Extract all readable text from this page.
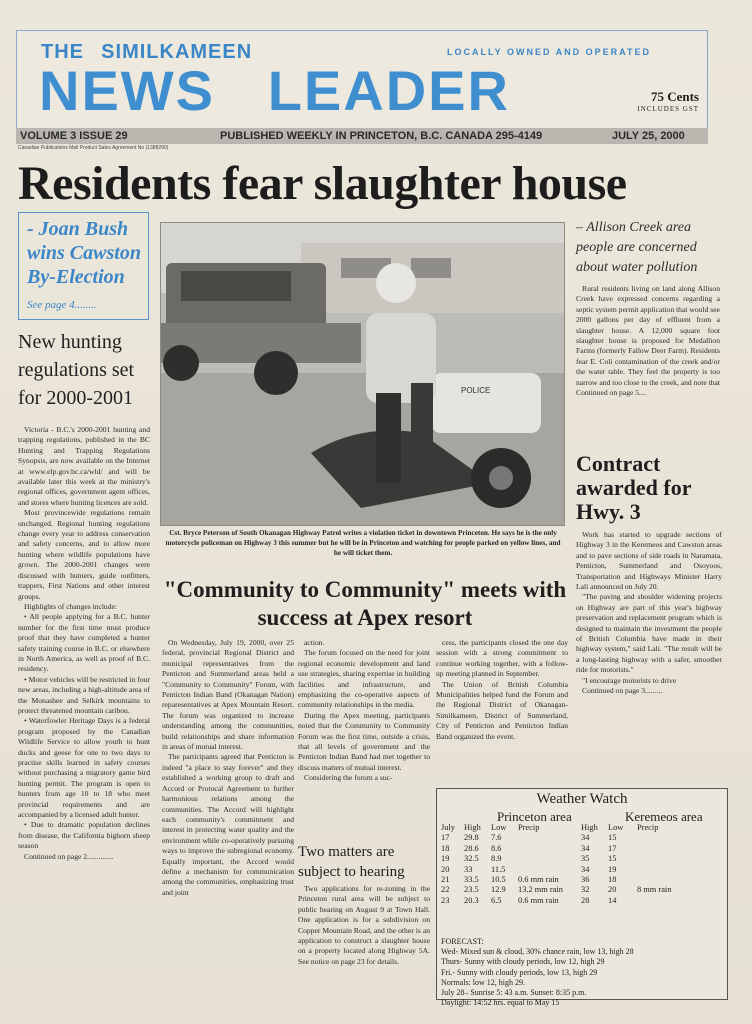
THE SIMILKAMEEN	LOCALLY OWNED AND OPERATED
NEWS LEADER	75 Cents
INCLUDES GST
VOLUME 3 ISSUE 29	PUBLISHED WEEKLY IN PRINCETON, B.C. CANADA 295-4149	JULY 25, 2000
Canadian Publications Mail Product Sales Agreement No (1388290)
Residents fear slaughter house
- Joan Bush wins Cawston By-Election
See page 4........
New hunting regulations set for 2000-2001

Victoria - B.C.'s 2000-2001 hunting and trapping regulations, published in the BC Hunting and Trapping Regulations Synopsis, are now available on the Internet at www.elp.gov.bc.ca/wld/ and will be available later this week at the ministry's regional offices, government agent offices, and stores where hunting licences are sold.

Most provincewide regulations remain unchanged. Regional hunting regulations change every year to address conservation and safety concerns, and to allow more hunting where wildlife populations have grown. The 2000-2001 changes were discussed with hunters, guide outfitters, trappers, First Nations and other interest groups.

Highlights of changes include:

• All people applying for a B.C. hunter number for the first time must produce proof that they have completed a hunter safety training course in B.C. or elsewhere in North America, as well as proof of B.C. residency.

• Motor vehicles will be restricted in four new areas, including a high-altitude area of the Monashee and Selkirk mountains to protect threatened mountain caribou.

• Waterfowler Heritage Days is a federal program proposed by the Canadian Wildlife Service to allow youth to hunt ducks and geese for one to two days to practise skills learned in safety courses without purchasing a migratory game bird hunting permit. The program is open to hunters from age 10 to 18 who meet provincial requirements and are accompanied by a licensed adult hunter.

• Due to dramatic population declines from disease, the California bighorn sheep season

Continued on page 2..............

POLICE
Cst. Bryce Peterson of South Okanagan Highway Patrol writes a violation ticket in downtown Princeton. He says he is the only motorcycle policeman on Highway 3 this summer but he will be in Princeton and watching for people parked on yellow lines, and he will ticket them.
– Allison Creek area people are concerned about water pollution

Rural residents living on land along Allison Creek have expressed concerns regarding a septic system permit application that would see 2000 gallons per day of effluent from a slaughter house. A 12,000 square foot slaughter house is proposed for Medallion Farms (formerly Fallow Deer Farm). Residents fear E. Coli contamination of the creek and/or the water table. They feel the property is too narrow and too close to the creek, and note that Continued on page 5....

Contract awarded for Hwy. 3

Work has started to upgrade sections of Highway 3 in the Keremeos and Cawston areas and to pave sections of side roads in Naramata, Penticton, Summerland and Osoyoos, Transportation and Highways Minister Harry Lali announced on July 20.

"The paving and shoulder widening projects on Highway are part of this year's highway preservation and replacement program which is designed to maintain the investment the people of British Columbia have made in their highway system," said Lali. "The result will be a long-lasting highway with a safer, smoother ride for motorists."

"I encourage motorists to drive

Continued on page 3.........

"Community to Community" meets with success at Apex resort

On Wednesday, July 19, 2000, over 25 federal, provincial Regional District and municipal representatives from the Penticton and Summerland areas held a "Community to Community" Forum, with Penticton Indian Band (Okanagan Nation) reparesentatives at Apex Mountain Resort. The forum was organized to increase understanding among the communities, build relationships and share information in areas of mutual interest.

The participants agreed that Penticton is indeed "a place to stay forever" and they established a working group to draft and Accord or Protocal Agreement to further harmonious relations among the communities. The Accord will highlight each community's commitment and interest in protecting water quality and the environment while co-operatively pursuing ways to improve the subregional economy. Equally important, the Accord would define a mechanism for communication among the communities, emphasizing trust and joint

action.

The forum focused on the need for joint regional economic development and land use strategies, sharing expertise in building facilities and infrastructure, and emphasizing the co-operative aspects of community relationships in the media.

During the Apex meeting, participants noted that the Community to Community Forum was the first time, outside a crisis, that all levels of government and the Penticton Indian Band had met together to discuss matters of mutual interest.

Considering the forum a suc-

cess, the participants closed the one day session with a strong commitment to continue working together, with a follow-up meeting planned in September.

The Union of British Columbia Municipalities helped fund the Forum and the Regional District of Okanagan-Similkameen, District of Summerland, City of Penticton and Penticton Indian Band organized the event.

Two matters are subject to hearing

Two applications for re-zoning in the Princeton rural area will be subject to public hearing on August 9 at Town Hall. One application is for a subdivision on Copper Mountain Road, and the other is an application to construct a slaughter house on a property located along Highway 5A. See notice on page 23 for details.

Weather Watch
Princeton area	Keremeos area
July	High	Low	Precip	High	Low	Precip
17	29.8	7.6		34	15	
18	28.6	8.6		34	17	
19	32.5	8.9		35	15	
20	33	11.5		34	19	
21	33.5	10.5	0.6 mm rain	36	18	
22	23.5	12.9	13.2 mm rain	32	20	8 mm rain
23	20.3	6.5	0.6 mm rain	28	14	
FORECAST:
Wed- Mixed sun & cloud, 30% chance rain, low 13, high 28
Thurs- Sunny with cloudy periods, low 12, high 29
Fri.- Sunny with cloudy periods, low 13, high 29
Normals: low 12, high 29.
July 28– Sunrise 5: 43 a.m. Sunset: 8:35 p.m.
Daylight: 14:52 hrs. equal to May 15
